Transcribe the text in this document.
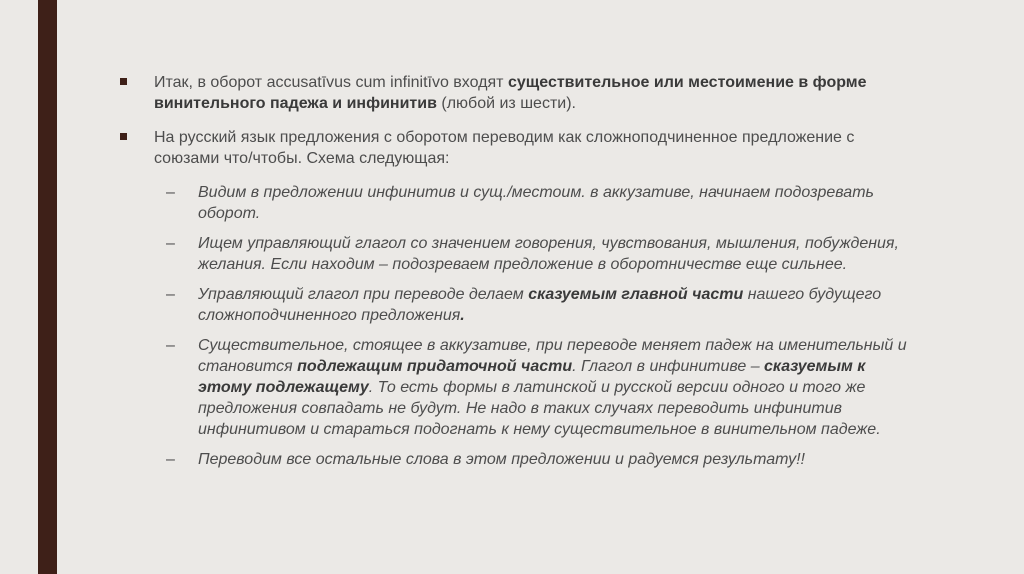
Итак, в оборот accusatīvus cum infinitīvo входят существительное или местоимение в форме винительного падежа и инфинитив (любой из шести).
На русский язык предложения с оборотом переводим как сложноподчиненное предложение с союзами что/чтобы. Схема следующая:
– Видим в предложении инфинитив и сущ./местоим. в аккузативе, начинаем подозревать оборот.
– Ищем управляющий глагол со значением говорения, чувствования, мышления, побуждения, желания. Если находим – подозреваем предложение в оборотничестве еще сильнее.
– Управляющий глагол при переводе делаем сказуемым главной части нашего будущего сложноподчиненного предложения.
– Существительное, стоящее в аккузативе, при переводе меняет падеж на именительный и становится подлежащим придаточной части. Глагол в инфинитиве – сказуемым к этому подлежащему. То есть формы в латинской и русской версии одного и того же предложения совпадать не будут. Не надо в таких случаях переводить инфинитив инфинитивом и стараться подогнать к нему существительное в винительном падеже.
– Переводим все остальные слова в этом предложении и радуемся результату!!
